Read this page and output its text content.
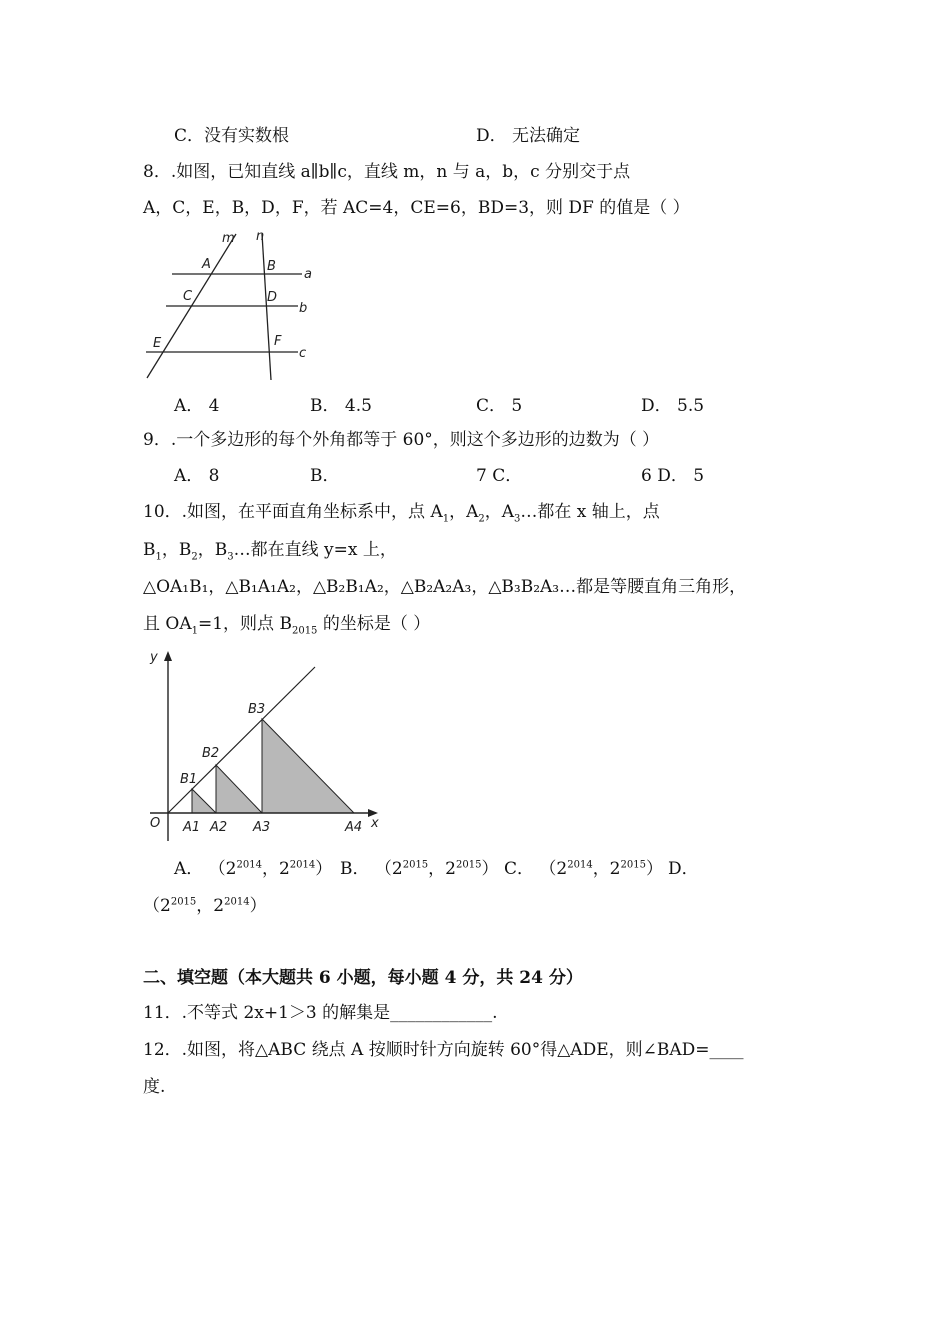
C．没有实数根	D． 无法确定
8．.如图，已知直线 a∥b∥c，直线 m，n 与 a，b，c 分别交于点
A，C，E，B，D，F，若 AC=4，CE=6，BD=3，则 DF 的值是（ ）
m n
A	B
a
C	D
b
E	F
c
A． 4	B． 4.5	C． 5	D． 5.5
9．.一个多边形的每个外角都等于 60°，则这个多边形的边数为（ ）
A． 8	B．	7 C．	6 D． 5
10．.如图，在平面直角坐标系中，点 $A_1$，$A_2$，$A_3\dots$都在 x 轴上，点
$B_1$，$B_2$，$B_3\dots$都在直线 y=x 上，
△OA₁B₁，△B₁A₁A₂，△B₂B₁A₂，△B₂A₂A₃，△B₃B₂A₃…都是等腰直角三角形，
且 $OA_1=1$，则点 $B_{2015}$ 的坐标是（ ）
y
x
O
B1
B2
B3
A1 A2 A3	A4
A． （$2^{2014}$，$2^{2014}$） B． （$2^{2015}$，$2^{2015}$） C． （$2^{2014}$，$2^{2015}$） D．
（$2^{2015}$，$2^{2014}$）
二、填空题（本大题共 6 小题，每小题 4 分，共 24 分）
11．.不等式 2x+1＞3 的解集是____________.
12．.如图，将△ABC 绕点 A 按顺时针方向旋转 60°得△ADE，则∠BAD=____
度.
